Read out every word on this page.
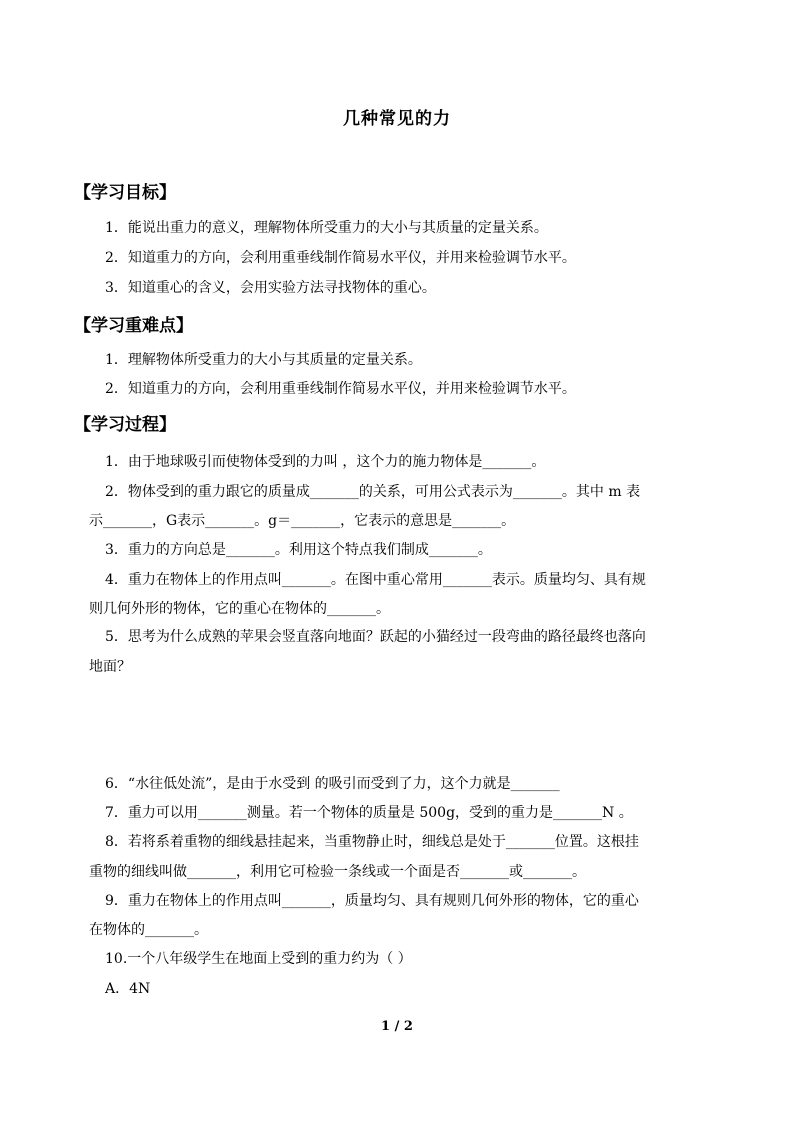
几种常见的力
【学习目标】
1．能说出重力的意义，理解物体所受重力的大小与其质量的定量关系。
2．知道重力的方向，会利用重垂线制作简易水平仪，并用来检验调节水平。
3．知道重心的含义，会用实验方法寻找物体的重心。
【学习重难点】
1．理解物体所受重力的大小与其质量的定量关系。
2．知道重力的方向，会利用重垂线制作简易水平仪，并用来检验调节水平。
【学习过程】
1．由于地球吸引而使物体受到的力叫 ，这个力的施力物体是_______。
2．物体受到的重力跟它的质量成_______的关系，可用公式表示为_______。其中 m 表
示_______，G表示_______。g＝_______，它表示的意思是_______。
3．重力的方向总是_______。利用这个特点我们制成_______。
4．重力在物体上的作用点叫_______。在图中重心常用_______表示。质量均匀、具有规
则几何外形的物体，它的重心在物体的_______。
5．思考为什么成熟的苹果会竖直落向地面？跃起的小猫经过一段弯曲的路径最终也落向
地面？
6．“水往低处流”，是由于水受到 的吸引而受到了力，这个力就是_______
7．重力可以用_______测量。若一个物体的质量是 500g，受到的重力是_______N 。
8．若将系着重物的细线悬挂起来，当重物静止时，细线总是处于_______位置。这根挂
重物的细线叫做_______，利用它可检验一条线或一个面是否_______或_______。
9．重力在物体上的作用点叫_______，质量均匀、具有规则几何外形的物体，它的重心
在物体的_______。
10.一个八年级学生在地面上受到的重力约为（ ）
A．4N
1 / 2
